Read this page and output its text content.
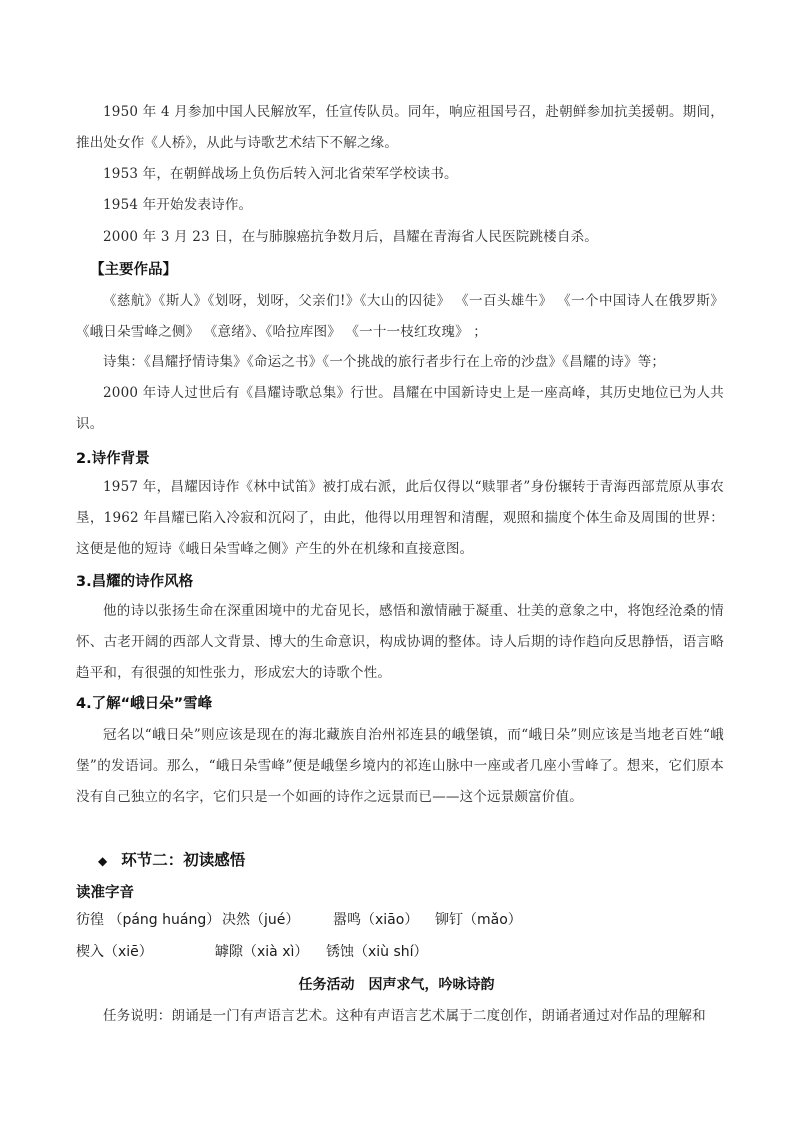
1950 年 4 月参加中国人民解放军，任宣传队员。同年，响应祖国号召，赴朝鲜参加抗美援朝。期间，推出处女作《人桥》，从此与诗歌艺术结下不解之缘。
1953 年，在朝鲜战场上负伤后转入河北省荣军学校读书。
1954 年开始发表诗作。
2000 年 3 月 23 日，在与肺腺癌抗争数月后，昌耀在青海省人民医院跳楼自杀。
【主要作品】
《慈航》《斯人》《划呀，划呀，父亲们!》《大山的囚徒》 《一百头雄牛》 《一个中国诗人在俄罗斯》《峨日朵雪峰之侧》 《意绪》、《哈拉库图》 《一十一枝红玫瑰》 ；
诗集：《昌耀抒情诗集》《命运之书》《一个挑战的旅行者步行在上帝的沙盘》《昌耀的诗》等；
2000 年诗人过世后有《昌耀诗歌总集》行世。昌耀在中国新诗史上是一座高峰，其历史地位已为人共识。
2.诗作背景
1957 年，昌耀因诗作《林中试笛》被打成右派，此后仅得以“赎罪者”身份辗转于青海西部荒原从事农垦，1962 年昌耀已陷入冷寂和沉闷了，由此，他得以用理智和清醒，观照和揣度个体生命及周围的世界：这便是他的短诗《峨日朵雪峰之侧》产生的外在机缘和直接意图。
3.昌耀的诗作风格
他的诗以张扬生命在深重困境中的尤奋见长，感悟和激情融于凝重、壮美的意象之中，将饱经沧桑的情怀、古老开阔的西部人文背景、博大的生命意识，构成协调的整体。诗人后期的诗作趋向反思静悟，语言略趋平和，有很强的知性张力，形成宏大的诗歌个性。
4.了解“峨日朵”雪峰
冠名以“峨日朵”则应该是现在的海北藏族自治州祁连县的峨堡镇，而“峨日朵”则应该是当地老百姓“峨堡”的发语词。那么，“峨日朵雪峰”便是峨堡乡境内的祁连山脉中一座或者几座小雪峰了。想来，它们原本没有自己独立的名字，它们只是一个如画的诗作之远景而已——这个远景颇富价值。
◆ 环节二：初读感悟
读准字音
彷徨 （páng huáng） 决然（jué） 嚣鸣（xiāo） 铆钉（mǎo）
楔入（xiē）	罅隙（xià xì） 锈蚀（xiù shí）
任务活动 因声求气，吟咏诗韵
任务说明：朗诵是一门有声语言艺术。这种有声语言艺术属于二度创作，朗诵者通过对作品的理解和
